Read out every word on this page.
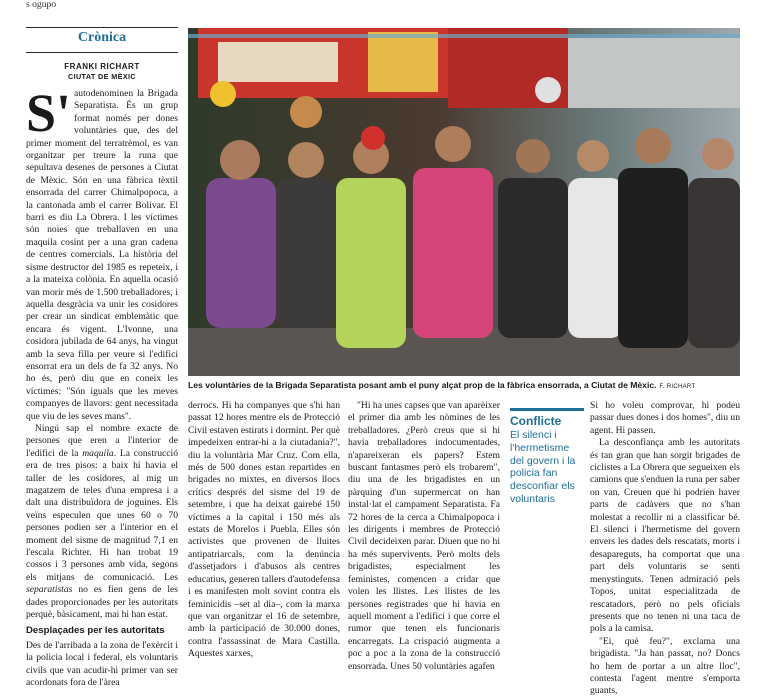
s ogupo
Crònica
FRANKI RICHART
CIUTAT DE MÈXIC
Les voluntàries de la Brigada Separatista posant amb el puny alçat prop de la fàbrica ensorrada, a Ciutat de Mèxic. F. RICHART

S' autodenominen la Brigada Separatista. És un grup format només per dones voluntàries que, des del primer moment del terratrèmol, es van organitzar per treure la runa que sepultava desenes de persones a Ciutat de Mèxic. Són en una fàbrica tèxtil ensorrada del carrer Chimalpopoca, a la cantonada amb el carrer Bolívar. El barri es diu La Obrera. I les víctimes són noies que treballaven en una maquila cosint per a una gran cadena de centres comercials. La història del sisme destructor del 1985 es repeteix, i a la mateixa colònia. En aquella ocasió van morir més de 1.500 treballadores, i aquella desgràcia va unir les cosidores per crear un sindicat emblemàtic que encara és vigent. L'Ivonne, una cosidora jubilada de 64 anys, ha vingut amb la seva filla per veure si l'edifici ensorrat era un dels de fa 32 anys. No ho és, però diu que en coneix les víctimes: "Són iguals que les meves companyes de llavors: gent necessitada que viu de les seves mans".

Ningú sap el nombre exacte de persones que eren a l'interior de l'edifici de la maquila. La construcció era de tres pisos: a baix hi havia el taller de les cosidores, al mig un magatzem de teles d'una empresa i a dalt una distribuïdora de joguines. Els veïns especulen que unes 60 o 70 persones podien ser a l'interior en el moment del sisme de magnitud 7,1 en l'escala Richter. Hi han trobat 19 cossos i 3 persones amb vida, segons els mitjans de comunicació. Les separatistas no es fien gens de les dades proporcionades per les autoritats perquè, bàsicament, mai hi han estat.

Desplaçades per les autoritats

Des de l'arribada a la zona de l'exèrcit i la policia local i federal, els voluntaris civils que van acudir-hi primer van ser acordonats fora de l'àrea

derrocs. Hi ha companyes que s'hi han passat 12 hores mentre els de Protecció Civil estaven estirats i dormint. Per què impedeixen entrar-hi a la ciutadania?", diu la voluntària Mar Cruz. Com ella, més de 500 dones estan repartides en brigades no mixtes, en diversos llocs crítics després del sisme del 19 de setembre, i que ha deixat gairebé 150 víctimes a la capital i 150 més als estats de Morelos i Puebla. Elles són activistes que provenen de lluites antipatriarcals, com la denúncia d'assetjadors i d'abusos als centres educatius, generen tallers d'autodefensa i es manifesten molt sovint contra els feminicidis –set al dia–, com la marxa que van organitzar el 16 de setembre, amb la participació de 30.000 dones, contra l'assassinat de Mara Castilla. Aquestes xarxes,

"Hi ha unes capses que van aparèixer el primer dia amb les nòmines de les treballadores. ¿Però creus que si hi havia treballadores indocumentades, n'apareixeran els papers? Estem buscant fantasmes però els trobarem", diu una de les brigadistes en un pàrquing d'un supermercat on han instal·lat el campament Separatista. Fa 72 hores de la cerca a Chimalpopoca i les dirigents i membres de Protecció Civil decideixen parar. Diuen que no hi ha més supervivents. Però molts dels brigadistes, especialment les feministes, comencen a cridar que volen les llistes. Les llistes de les persones registrades que hi havia en aquell moment a l'edifici i que corre el rumor que tenen els funcionaris encarregats. La crispació augmenta a poc a poc a la zona de la construcció ensorrada. Unes 50 voluntàries agafen

Conflicte
El silenci i l'hermetisme del govern i la policia fan desconfiar els voluntaris

Si ho voleu comprovar, hi podeu passar dues dones i dos homes", diu un agent. Hi passen.

La desconfiança amb les autoritats és tan gran que han sorgit brigades de ciclistes a La Obrera que segueixen els camions que s'enduen la runa per saber on van. Creuen que hi podrien haver parts de cadàvers que no s'han molestat a recollir ni a classificar bé. El silenci i l'hermetisme del govern envers les dades dels rescatats, morts i desapareguts, ha comportat que una part dels voluntaris se senti menystinguts. Tenen admiració pels Topos, unitat especialitzada de rescatadors, però no pels oficials presents que no tenen ni una taca de pols a la camisa.

"Ei, què feu?", exclama una brigadista. "Ja han passat, no? Doncs ho hem de portar a un altre lloc", contesta l'agent mentre s'emporta guants,
